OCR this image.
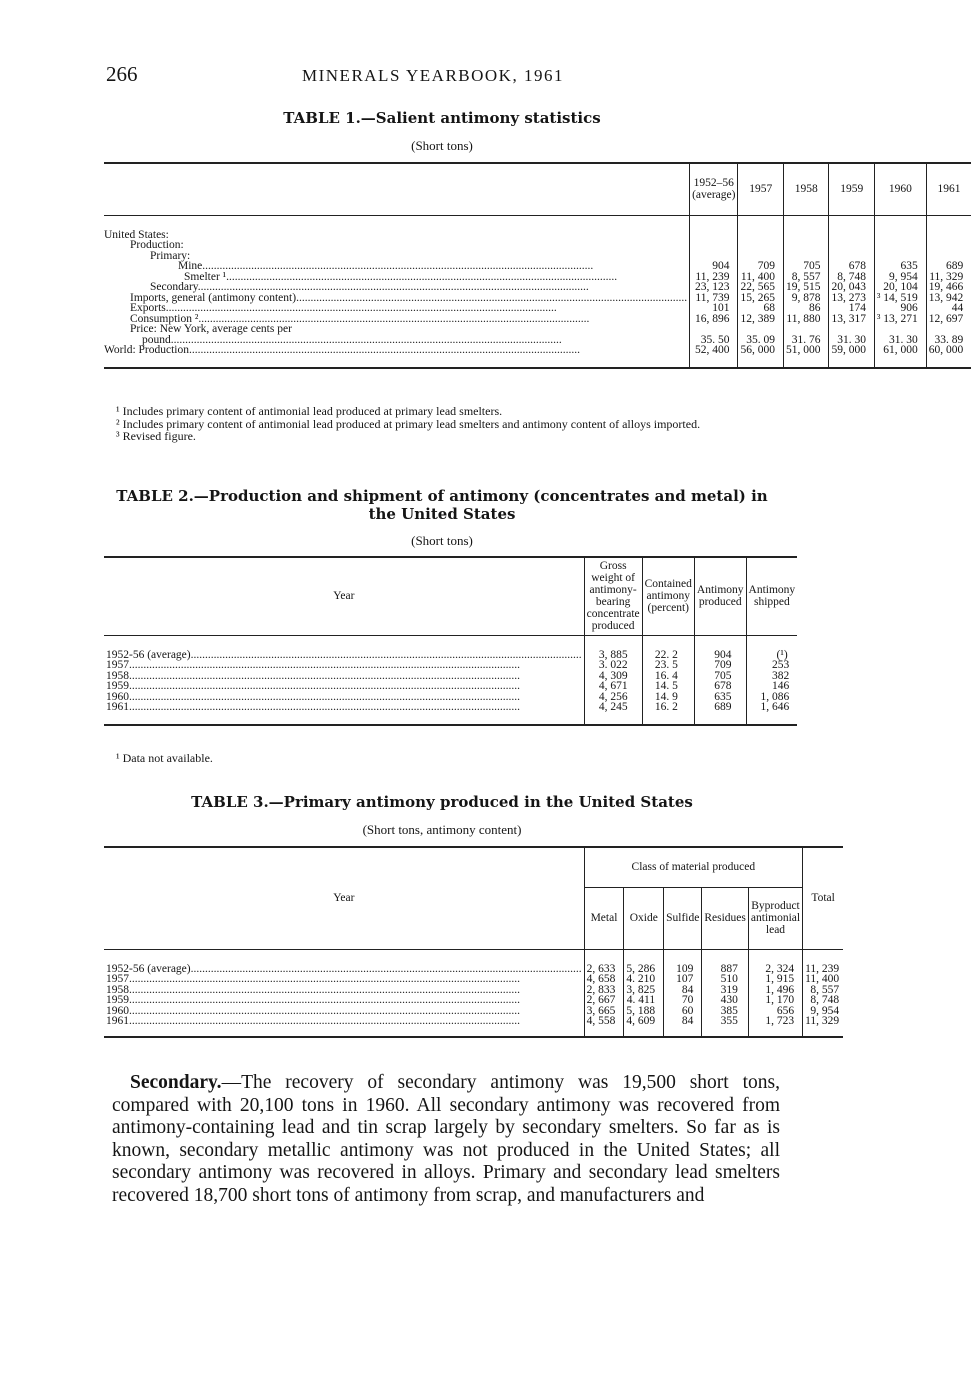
266	MINERALS YEARBOOK, 1961
TABLE 1.—Salient antimony statistics
(Short tons)
	1952–56 (average)	1957	1958	1959	1960	1961
United States:						
Production:						
Primary:						
Mine .....	904	709	705	678	635	689
Smelter ¹ .....	11, 239	11, 400	8, 557	8, 748	9, 954	11, 329
Secondary .....	23, 123	22, 565	19, 515	20, 043	20, 104	19, 466
Imports, general (antimony content) .....	11, 739	15, 265	9, 878	13, 273	³ 14, 519	13, 942
Exports .....	101	68	86	174	906	44
Consumption ² .....	16, 896	12, 389	11, 880	13, 317	³ 13, 271	12, 697
Price: New York, average cents per						
pound .....	35. 50	35. 09	31. 76	31. 30	31. 30	33. 89
World: Production .....	52, 400	56, 000	51, 000	59, 000	61, 000	60, 000

¹ Includes primary content of antimonial lead produced at primary lead smelters.
² Includes primary content of antimonial lead produced at primary lead smelters and antimony content of alloys imported.
³ Revised figure.
TABLE 2.—Production and shipment of antimony (concentrates and metal) in the United States
(Short tons)
Year	Gross weight of antimony-bearing concentrate produced	Contained antimony (percent)	Antimony produced	Antimony shipped
1952-56 (average) .....	3, 885	22. 2	904	(¹)
1957 .....	3. 022	23. 5	709	253
1958 .....	4, 309	16. 4	705	382
1959 .....	4, 671	14. 5	678	146
1960 .....	4, 256	14. 9	635	1, 086
1961 .....	4, 245	16. 2	689	1, 646

¹ Data not available.
TABLE 3.—Primary antimony produced in the United States
(Short tons, antimony content)
Year	Class of material produced					Total
	Metal	Oxide	Sulfide	Residues	Byproduct antimonial lead	
1952-56 (average) .....	2, 633	5, 286	109	887	2, 324	11, 239
1957 .....	4, 658	4. 210	107	510	1, 915	11, 400
1958 .....	2, 833	3, 825	84	319	1, 496	8, 557
1959 .....	2, 667	4. 411	70	430	1, 170	8, 748
1960 .....	3, 665	5, 188	60	385	656	9, 954
1961 .....	4, 558	4, 609	84	355	1, 723	11, 329

Secondary.—The recovery of secondary antimony was 19,500 short tons, compared with 20,100 tons in 1960. All secondary antimony was recovered from antimony-containing lead and tin scrap largely by secondary smelters. So far as is known, secondary metallic antimony was not produced in the United States; all secondary antimony was recovered in alloys. Primary and secondary lead smelters recovered 18,700 short tons of antimony from scrap, and manufacturers and
